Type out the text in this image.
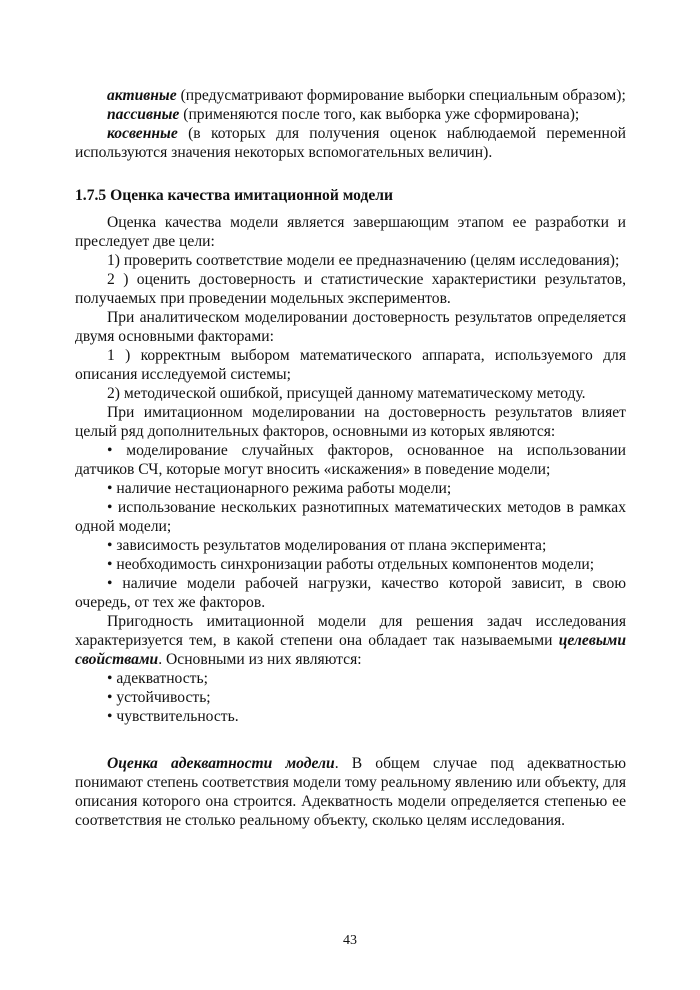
активные (предусматривают формирование выборки специальным образом);

пассивные (применяются после того, как выборка уже сформирована);

косвенные (в которых для получения оценок наблюдаемой переменной используются значения некоторых вспомогательных величин).

1.7.5 Оценка качества имитационной модели

Оценка качества модели является завершающим этапом ее разработки и преследует две цели:

1) проверить соответствие модели ее предназначению (целям исследования);

2 ) оценить достоверность и статистические характеристики результатов, получаемых при проведении модельных экспериментов.

При аналитическом моделировании достоверность результатов определяется двумя основными факторами:

1 ) корректным выбором математического аппарата, используемого для описания исследуемой системы;

2) методической ошибкой, присущей данному математическому методу.

При имитационном моделировании на достоверность результатов влияет целый ряд дополнительных факторов, основными из которых являются:

• моделирование случайных факторов, основанное на использовании датчиков СЧ, которые могут вносить «искажения» в поведение модели;

• наличие нестационарного режима работы модели;

• использование нескольких разнотипных математических методов в рамках одной модели;

• зависимость результатов моделирования от плана эксперимента;

• необходимость синхронизации работы отдельных компонентов модели;

• наличие модели рабочей нагрузки, качество которой зависит, в свою очередь, от тех же факторов.

Пригодность имитационной модели для решения задач исследования характеризуется тем, в какой степени она обладает так называемыми целевыми свойствами. Основными из них являются:

• адекватность;

• устойчивость;

• чувствительность.

Оценка адекватности модели. В общем случае под адекватностью понимают степень соответствия модели тому реальному явлению или объекту, для описания которого она строится. Адекватность модели определяется степенью ее соответствия не столько реальному объекту, сколько целям исследования.

43
